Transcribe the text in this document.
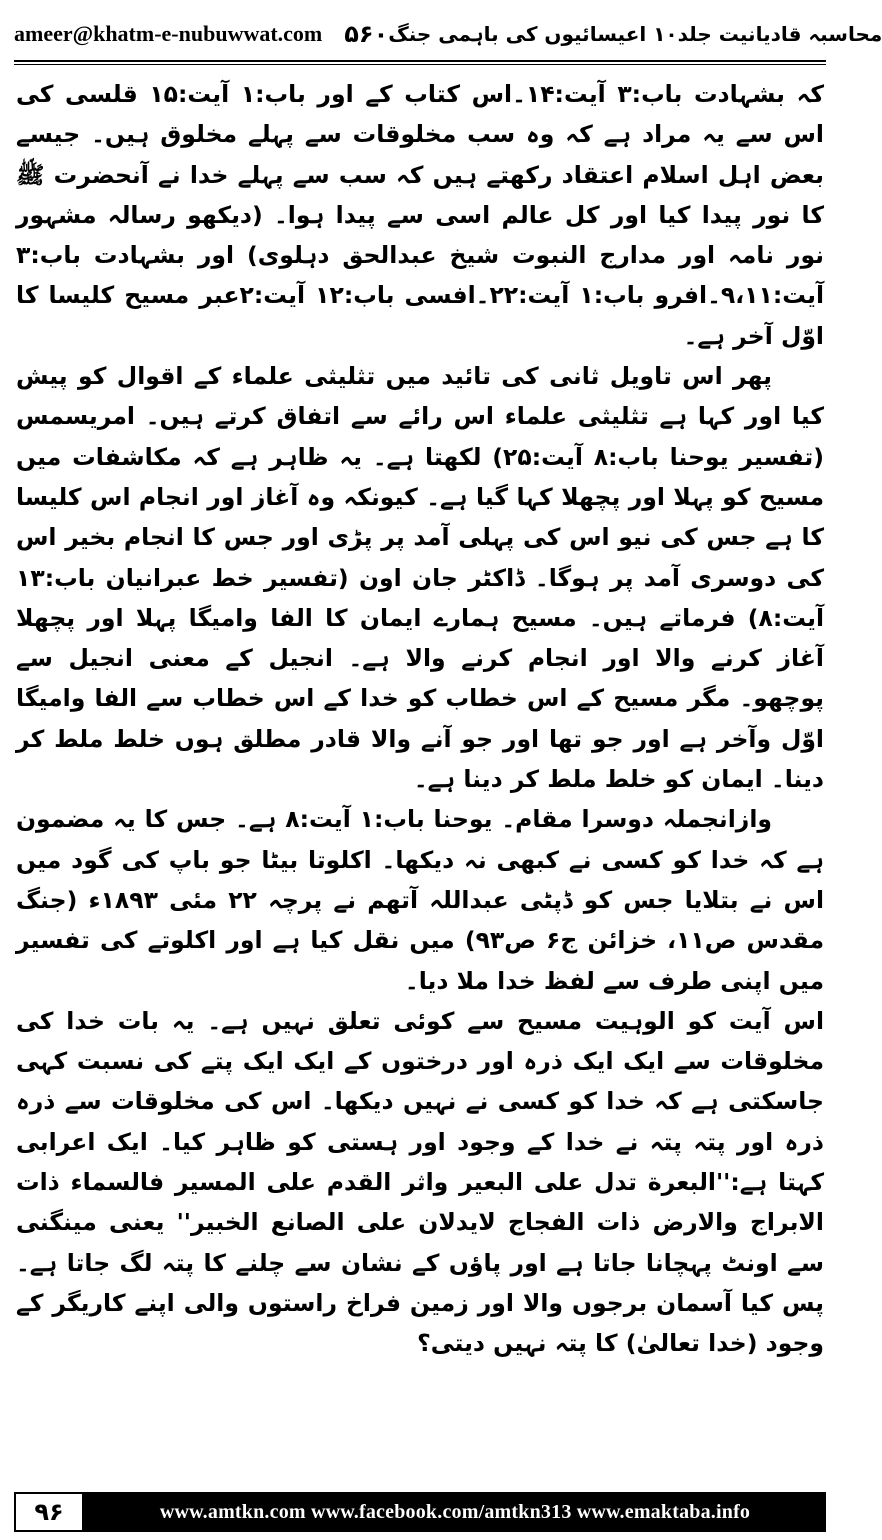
ameer@khatm-e-nubuwwat.com ۵۶۰ محاسبہ قادیانیت جلد۱۰ اعیسائیوں کی باہمی جنگ

کہ بشہادت باب:۳ آیت:۱۴۔اس کتاب کے اور باب:۱ آیت:۱۵ قلسی کی اس سے یہ مراد ہے کہ وہ سب مخلوقات سے پہلے مخلوق ہیں۔ جیسے بعض اہل اسلام اعتقاد رکھتے ہیں کہ سب سے پہلے خدا نے آنحضرت ﷺ کا نور پیدا کیا اور کل عالم اسی سے پیدا ہوا۔ (دیکھو رسالہ مشہور نور نامہ اور مدارج النبوت شیخ عبدالحق دہلوی) اور بشہادت باب:۳ آیت:۹،۱۱۔افرو باب:۱ آیت:۲۲۔افسی باب:۱۲ آیت:۲عبر مسیح کلیسا کا اوّل آخر ہے۔

پھر اس تاویل ثانی کی تائید میں تثلیثی علماء کے اقوال کو پیش کیا اور کہا ہے تثلیثی علماء اس رائے سے اتفاق کرتے ہیں۔ امریسمس (تفسیر یوحنا باب:۸ آیت:۲۵) لکھتا ہے۔ یہ ظاہر ہے کہ مکاشفات میں مسیح کو پہلا اور پچھلا کہا گیا ہے۔ کیونکہ وہ آغاز اور انجام اس کلیسا کا ہے جس کی نیو اس کی پہلی آمد پر پڑی اور جس کا انجام بخیر اس کی دوسری آمد پر ہوگا۔ ڈاکٹر جان اون (تفسیر خط عبرانیان باب:۱۳ آیت:۸) فرماتے ہیں۔ مسیح ہمارے ایمان کا الفا وامیگا پہلا اور پچھلا آغاز کرنے والا اور انجام کرنے والا ہے۔ انجیل کے معنی انجیل سے پوچھو۔ مگر مسیح کے اس خطاب کو خدا کے اس خطاب سے الفا وامیگا اوّل وآخر ہے اور جو تھا اور جو آنے والا قادر مطلق ہوں خلط ملط کر دینا۔ ایمان کو خلط ملط کر دینا ہے۔

وازانجملہ دوسرا مقام۔ یوحنا باب:۱ آیت:۸ ہے۔ جس کا یہ مضمون ہے کہ خدا کو کسی نے کبھی نہ دیکھا۔ اکلوتا بیٹا جو باپ کی گود میں اس نے بتلایا جس کو ڈپٹی عبداللہ آتھم نے پرچہ ۲۲ مئی ۱۸۹۳ء (جنگ مقدس ص۱۱، خزائن ج۶ ص۹۳) میں نقل کیا ہے اور اکلوتے کی تفسیر میں اپنی طرف سے لفظ خدا ملا دیا۔

اس آیت کو الوہیت مسیح سے کوئی تعلق نہیں ہے۔ یہ بات خدا کی مخلوقات سے ایک ایک ذرہ اور درختوں کے ایک ایک پتے کی نسبت کہی جاسکتی ہے کہ خدا کو کسی نے نہیں دیکھا۔ اس کی مخلوقات سے ذرہ ذرہ اور پتہ پتہ نے خدا کے وجود اور ہستی کو ظاہر کیا۔ ایک اعرابی کہتا ہے:''البعرة تدل علی البعیر واثر القدم علی المسیر فالسماء ذات الابراج والارض ذات الفجاج لایدلان علی الصانع الخبیر'' یعنی مینگنی سے اونٹ پہچانا جاتا ہے اور پاؤں کے نشان سے چلنے کا پتہ لگ جاتا ہے۔ پس کیا آسمان برجوں والا اور زمین فراخ راستوں والی اپنے کاریگر کے وجود (خدا تعالیٰ) کا پتہ نہیں دیتی؟

۹۶	www.amtkn.com www.facebook.com/amtkn313 www.emaktaba.info
